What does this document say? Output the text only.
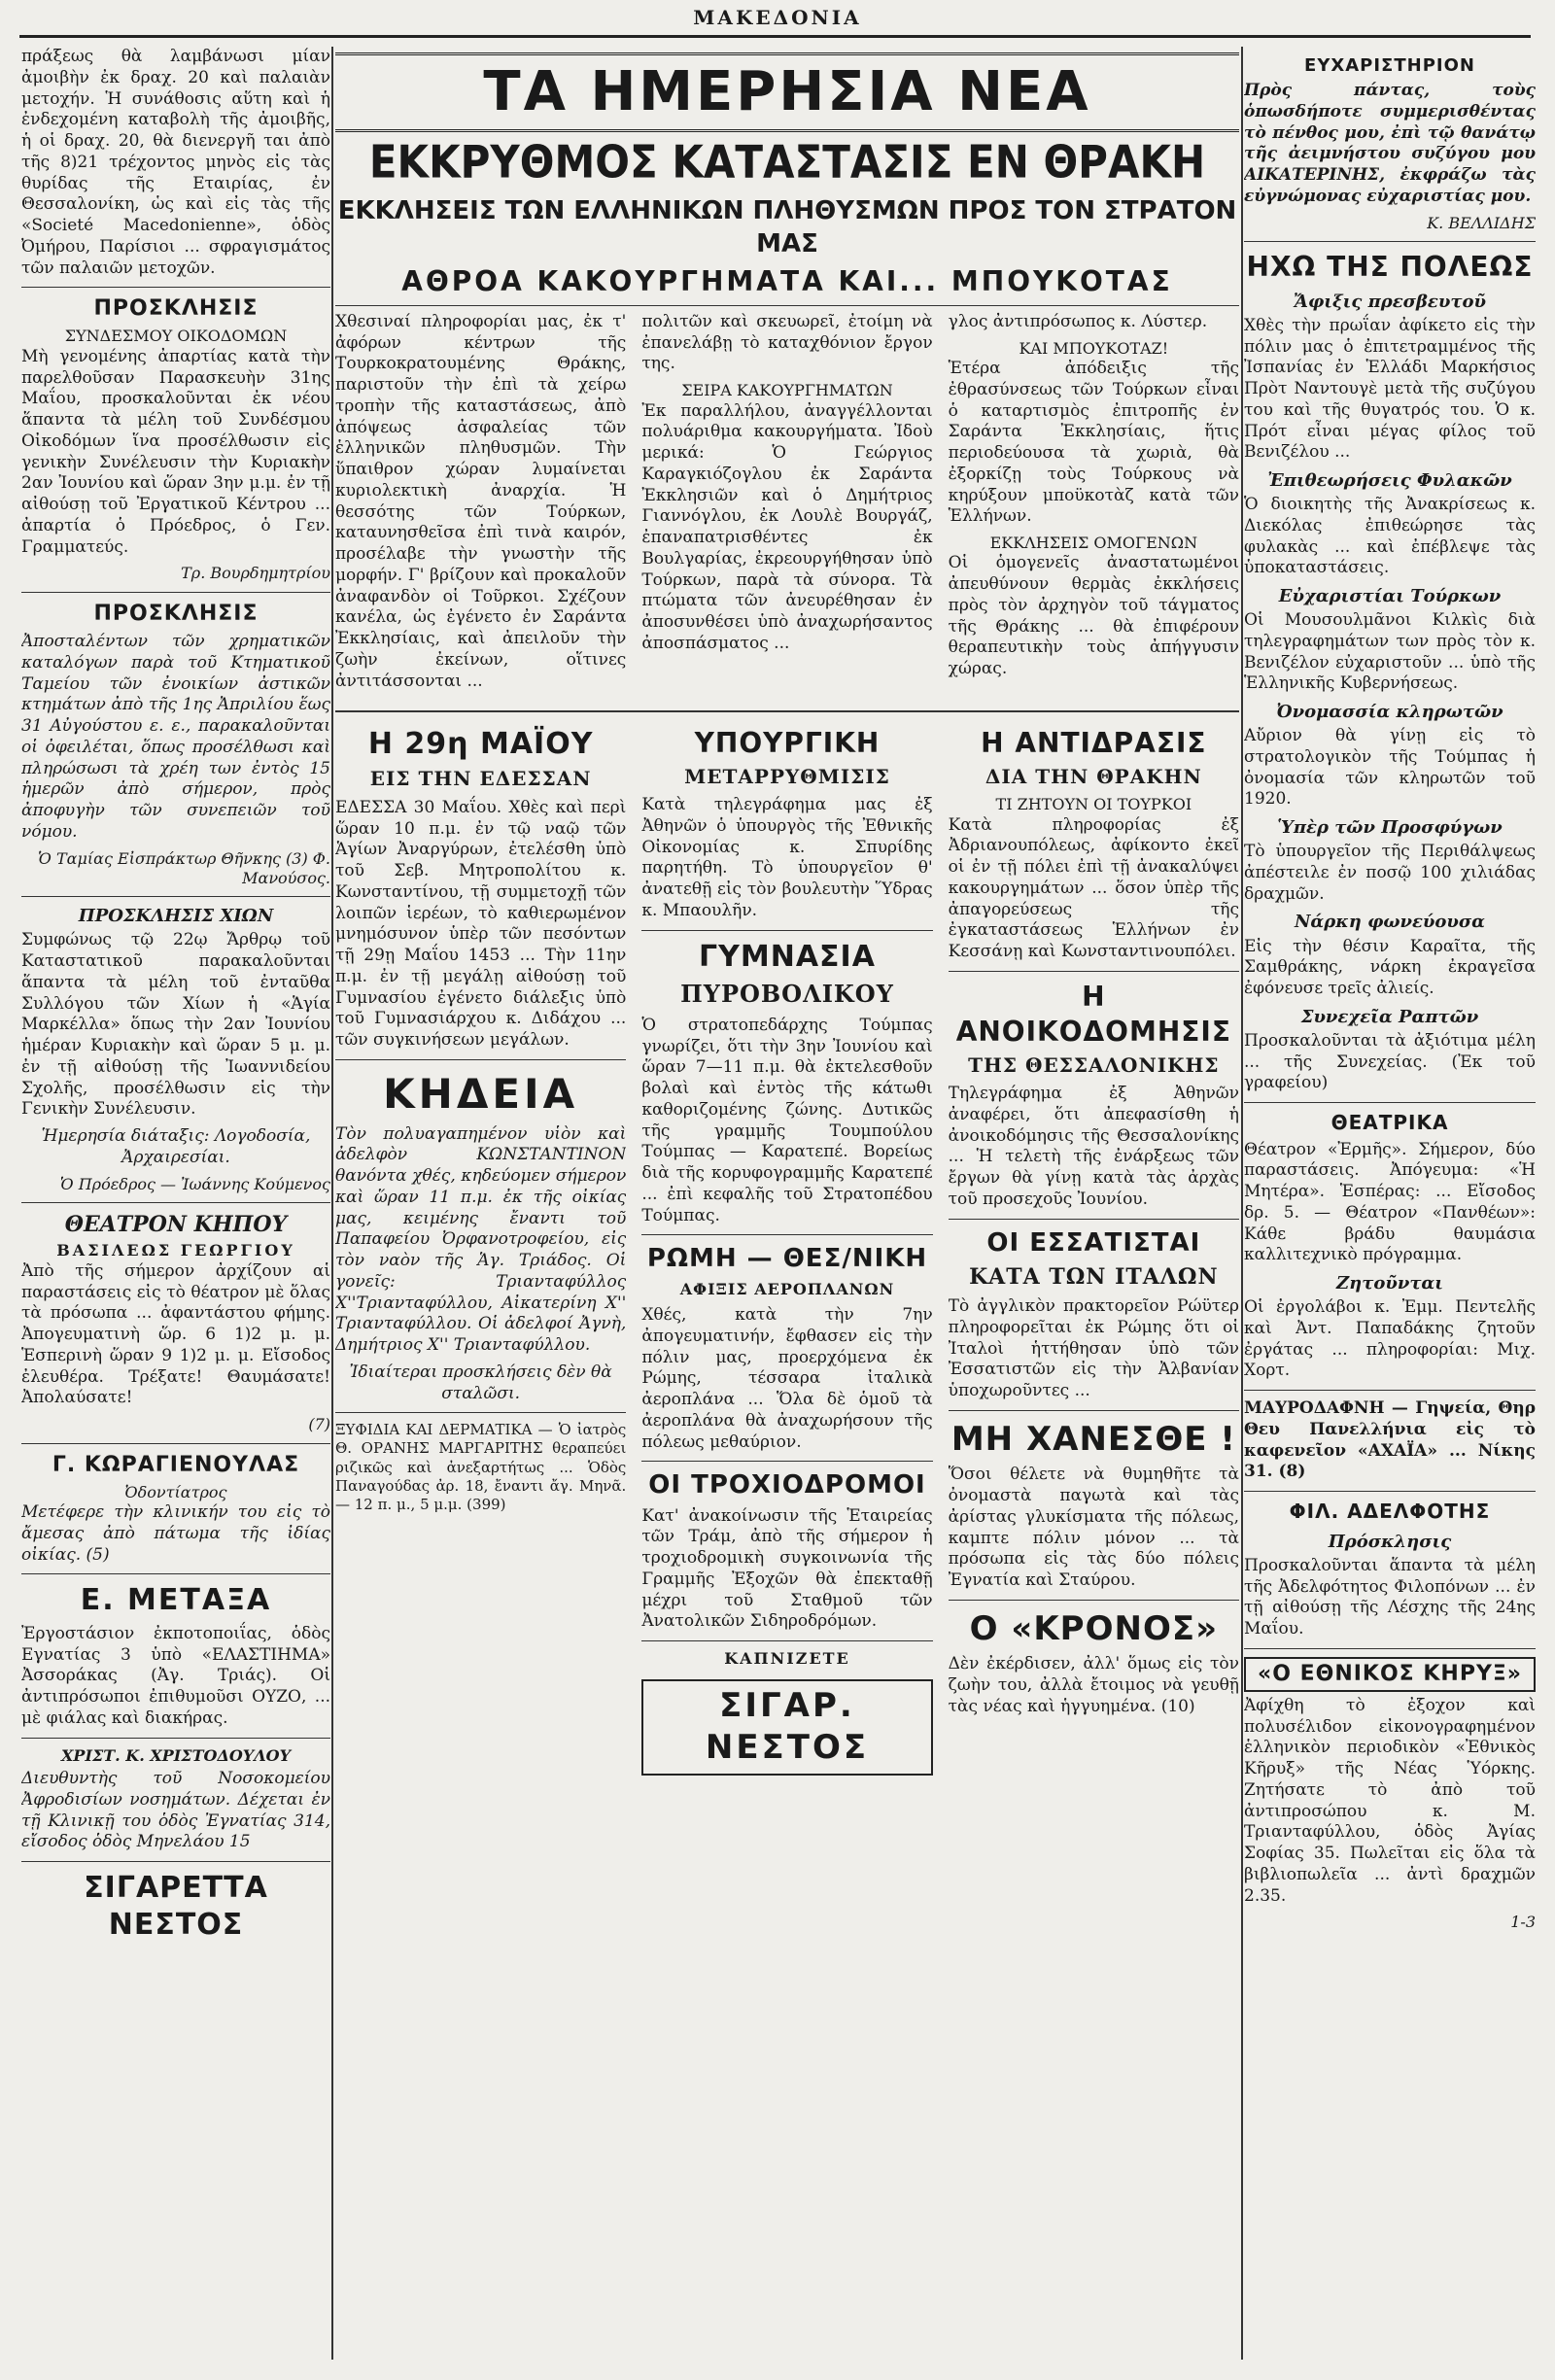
ΜΑΚΕΔΟΝΙΑ

πράξεως θὰ λαμβάνωσι μίαν ἀμοιβὴν ἐκ δραχ. 20 καὶ παλαιὰν μετοχήν. Ἡ συνάθοσις αὕτη καὶ ἡ ἐνδεχομένη καταβολὴ τῆς ἀμοιβῆς, ἡ οἱ δραχ. 20, θὰ διενεργῆ ται ἀπὸ τῆς 8)21 τρέχοντος μηνὸς εἰς τὰς θυρίδας τῆς Εταιρίας, ἐν Θεσσαλονίκη, ὡς καὶ εἰς τὰς τῆς «Societé Macedonienne», ὁδὸς Ὀμήρου, Παρίσιοι ... σφραγισμάτος τῶν παλαιῶν μετοχῶν.

ΠΡΟΣΚΛΗΣΙΣ
ΣΥΝΔΕΣΜΟΥ ΟΙΚΟΔΟΜΩΝ

Μὴ γενομένης ἀπαρτίας κατὰ τὴν παρελθοῦσαν Παρασκευὴν 31ης Μαΐου, προσκαλοῦνται ἐκ νέου ἅπαντα τὰ μέλη τοῦ Συνδέσμου Οἰκοδόμων ἵνα προσέλθωσιν εἰς γενικὴν Συνέλευσιν τὴν Κυριακὴν 2αν Ἰουνίου καὶ ὥραν 3ην μ.μ. ἐν τῇ αἰθούσῃ τοῦ Ἐργατικοῦ Κέντρου ... ἀπαρτία ὁ Πρόεδρος, ὁ Γεν. Γραμματεύς.

Τρ. Βουρδημητρίου
ΠΡΟΣΚΛΗΣΙΣ

Ἀποσταλέντων τῶν χρηματικῶν καταλόγων παρὰ τοῦ Κτηματικοῦ Ταμείου τῶν ἐνοικίων ἀστικῶν κτημάτων ἀπὸ τῆς 1ης Ἀπριλίου ἕως 31 Αὐγούστου ε. ε., παρακαλοῦνται οἱ ὀφειλέται, ὅπως προσέλθωσι καὶ πληρώσωσι τὰ χρέη των ἐντὸς 15 ἡμερῶν ἀπὸ σήμερον, πρὸς ἀποφυγὴν τῶν συνεπειῶν τοῦ νόμου.

Ὁ Ταμίας Εἰσπράκτωρ Θῆνκης (3) Φ. Μανούσος.
ΠΡΟΣΚΛΗΣΙΣ ΧΙΩΝ

Συμφώνως τῷ 22ῳ Ἄρθρῳ τοῦ Καταστατικοῦ παρακαλοῦνται ἅπαντα τὰ μέλη τοῦ ἐνταῦθα Συλλόγου τῶν Χίων ἡ «Ἁγία Μαρκέλλα» ὅπως τὴν 2αν Ἰουνίου ἡμέραν Κυριακὴν καὶ ὥραν 5 μ. μ. ἐν τῇ αἰθούσῃ τῆς Ἰωαννιδείου Σχολῆς, προσέλθωσιν εἰς τὴν Γενικὴν Συνέλευσιν.

Ἡμερησία διάταξις: Λογοδοσία, Ἀρχαιρεσίαι.

Ὁ Πρόεδρος — Ἰωάννης Κούμενος
ΘΕΑΤΡΟΝ ΚΗΠΟΥ
ΒΑΣΙΛΕΩΣ ΓΕΩΡΓΙΟΥ

Ἀπὸ τῆς σήμερον ἀρχίζουν αἱ παραστάσεις εἰς τὸ θέατρον μὲ ὅλας τὰ πρόσωπα ... ἀφαντάστου φήμης. Ἀπογευματινὴ ὥρ. 6 1)2 μ. μ. Ἑσπερινὴ ὥραν 9 1)2 μ. μ. Εἴσοδος ἐλευθέρα. Τρέξατε! Θαυμάσατε! Ἀπολαύσατε!

(7)
Γ. ΚΩΡΑΓΙΕΝΟΥΛΑΣ
Ὀδοντίατρος

Μετέφερε τὴν κλινικήν του εἰς τὸ ἄμεσας ἀπὸ πάτωμα τῆς ἰδίας οἰκίας. (5)

Ε. ΜΕΤΑΞΑ

Ἐργοστάσιον ἐκποτοποιΐας, ὁδὸς Εγνατίας 3 ὑπὸ «ΕΛΑΣΤΙΗΜΑ» Ἀσσοράκας (Ἀγ. Τριάς). Οἱ ἀντιπρόσωποι ἐπιθυμοῦσι ΟΥΖΟ, ... μὲ φιάλας καὶ διακήρας.

ΧΡΙΣΤ. Κ. ΧΡΙΣΤΟΔΟΥΛΟΥ

Διευθυντὴς τοῦ Νοσοκομείου Ἀφροδισίων νοσημάτων. Δέχεται ἐν τῇ Κλινικῇ του ὁδὸς Ἐγνατίας 314, εἴσοδος ὁδὸς Μηνελάου 15

ΣΙΓΑΡΕΤΤΑ ΝΕΣΤΟΣ
ΤΑ ΗΜΕΡΗΣΙΑ ΝΕΑ
ΕΚΚΡΥΘΜΟΣ ΚΑΤΑΣΤΑΣΙΣ ΕΝ ΘΡΑΚΗ
ΕΚΚΛΗΣΕΙΣ ΤΩΝ ΕΛΛΗΝΙΚΩΝ ΠΛΗΘΥΣΜΩΝ ΠΡΟΣ ΤΟΝ ΣΤΡΑΤΟΝ ΜΑΣ
ΑΘΡΟΑ ΚΑΚΟΥΡΓΗΜΑΤΑ ΚΑΙ... ΜΠΟΥΚΟΤΑΣ

Χθεσιναί πληροφορίαι μας, ἐκ τ' ἀφόρων κέντρων τῆς Τουρκοκρατουμένης Θράκης, παριστοῦν τὴν ἐπὶ τὰ χείρω τροπὴν τῆς καταστάσεως, ἀπὸ ἀπόψεως ἀσφαλείας τῶν ἑλληνικῶν πληθυσμῶν. Τὴν ὕπαιθρον χώραν λυμαίνεται κυριολεκτικὴ ἀναρχία. Ἡ θεσσότης τῶν Τούρκων, καταυνησθεῖσα ἐπὶ τινὰ καιρόν, προσέλαβε τὴν γνωστὴν τῆς μορφήν. Γ' βρίζουν καὶ προκαλοῦν ἀναφανδὸν οἱ Τοῦρκοι. Σχέζουν κανέλα, ὡς ἐγένετο ἐν Σαράντα Ἐκκλησίαις, καὶ ἀπειλοῦν τὴν ζωὴν ἐκείνων, οἵτινες ἀντιτάσσονται ...

πολιτῶν καὶ σκευωρεῖ, ἐτοίμη νὰ ἐπανελάβῃ τὸ καταχθόνιον ἔργον της.

ΣΕΙΡΑ ΚΑΚΟΥΡΓΗΜΑΤΩΝ

Ἐκ παραλλήλου, ἀναγγέλλονται πολυάριθμα κακουργήματα. Ἰδοὺ μερικά: Ὁ Γεώργιος Καραγκιόζογλου ἐκ Σαράντα Ἐκκλησιῶν καὶ ὁ Δημήτριος Γιαννόγλου, ἐκ Λουλὲ Βουργάζ, ἐπαναπατρισθέντες ἐκ Βουλγαρίας, ἐκρεουργήθησαν ὑπὸ Τούρκων, παρὰ τὰ σύνορα. Τὰ πτώματα τῶν ἀνευρέθησαν ἐν ἀποσυνθέσει ὑπὸ ἀναχωρήσαντος ἀποσπάσματος ...

γλος ἀντιπρόσωπος κ. Λύστερ.

ΚΑΙ ΜΠΟΥΚΟΤΑΖ!

Ἑτέρα ἀπόδειξις τῆς ἐθρασύνσεως τῶν Τούρκων εἶναι ὁ καταρτισμὸς ἐπιτροπῆς ἐν Σαράντα Ἐκκλησίαις, ἥτις περιοδεύουσα τὰ χωριὰ, θὰ ἐξορκίζῃ τοὺς Τούρκους νὰ κηρύξουν μποϋκοτὰζ κατὰ τῶν Ἑλλήνων.

ΕΚΚΛΗΣΕΙΣ ΟΜΟΓΕΝΩΝ

Οἱ ὁμογενεῖς ἀναστατωμένοι ἀπευθύνουν θερμὰς ἐκκλήσεις πρὸς τὸν ἀρχηγὸν τοῦ τάγματος τῆς Θράκης ... θὰ ἐπιφέρουν θεραπευτικὴν τοὺς ἀπήγγυσιν χώρας.

Η 29η ΜΑΪΟΥ
ΕΙΣ ΤΗΝ ΕΔΕΣΣΑΝ

ΕΔΕΣΣΑ 30 Μαΐου. Χθὲς καὶ περὶ ὥραν 10 π.μ. ἐν τῷ ναῷ τῶν Ἁγίων Ἀναργύρων, ἐτελέσθη ὑπὸ τοῦ Σεβ. Μητροπολίτου κ. Κωνσταντίνου, τῇ συμμετοχῇ τῶν λοιπῶν ἱερέων, τὸ καθιερωμένον μνημόσυνον ὑπὲρ τῶν πεσόντων τῇ 29ῃ Μαΐου 1453 ... Τὴν 11ην π.μ. ἐν τῇ μεγάλῃ αἰθούσῃ τοῦ Γυμνασίου ἐγένετο διάλεξις ὑπὸ τοῦ Γυμνασιάρχου κ. Διδάχου ... τῶν συγκινήσεων μεγάλων.

ΚΗΔΕΙΑ

Τὸν πολυαγαπημένον υἱὸν καὶ ἀδελφὸν ΚΩΝΣΤΑΝΤΙΝΟΝ θανόντα χθές, κηδεύομεν σήμερον καὶ ὥραν 11 π.μ. ἐκ τῆς οἰκίας μας, κειμένης ἔναντι τοῦ Παπαφείου Ὀρφανοτροφείου, εἰς τὸν ναὸν τῆς Ἁγ. Τριάδος. Οἱ γονεῖς: Τριανταφύλλος Χ''Τριανταφύλλου, Αἰκατερίνη Χ'' Τριανταφύλλου. Οἱ ἀδελφοί Ἀγνὴ, Δημήτριος Χ'' Τριανταφύλλου.

Ἰδιαίτεραι προσκλήσεις δὲν θὰ σταλῶσι.

ΞΥΦΙΔΙΑ ΚΑΙ ΔΕΡΜΑΤΙΚΑ — Ὁ ἰατρὸς Θ. ΟΡΑΝΗΣ ΜΑΡΓΑΡΙΤΗΣ θεραπεύει ριζικῶς καὶ ἀνεξαρτήτως ... Ὁδὸς Παναγούδας ἀρ. 18, ἔναντι ἄγ. Μηνᾶ. — 12 π. μ., 5 μ.μ. (399)

ΥΠΟΥΡΓΙΚΗ
ΜΕΤΑΡΡΥΘΜΙΣΙΣ

Κατὰ τηλεγράφημα μας ἐξ Ἀθηνῶν ὁ ὑπουργὸς τῆς Ἐθνικῆς Οἰκονομίας κ. Σπυρίδης παρητήθη. Τὸ ὑπουργεῖον θ' ἀνατεθῇ εἰς τὸν βουλευτὴν Ὕδρας κ. Μπαουλῆν.

ΓΥΜΝΑΣΙΑ
ΠΥΡΟΒΟΛΙΚΟΥ

Ὁ στρατοπεδάρχης Τούμπας γνωρίζει, ὅτι τὴν 3ην Ἰουνίου καὶ ὥραν 7—11 π.μ. θὰ ἐκτελεσθοῦν βολαὶ καὶ ἐντὸς τῆς κάτωθι καθοριζομένης ζώνης. Δυτικῶς τῆς γραμμῆς Τουμπούλου Τούμπας — Καρατεπέ. Βορείως διὰ τῆς κορυφογραμμῆς Καρατεπέ ... ἐπὶ κεφαλῆς τοῦ Στρατοπέδου Τούμπας.

ΡΩΜΗ — ΘΕΣ/ΝΙΚΗ
ΑΦΙΞΙΣ ΑΕΡΟΠΛΑΝΩΝ

Χθές, κατὰ τὴν 7ην ἀπογευματινήν, ἔφθασεν εἰς τὴν πόλιν μας, προερχόμενα ἐκ Ρώμης, τέσσαρα ἰταλικὰ ἀεροπλάνα ... Ὅλα δὲ ὁμοῦ τὰ ἀεροπλάνα θὰ ἀναχωρήσουν τῆς πόλεως μεθαύριον.

ΟΙ ΤΡΟΧΙΟΔΡΟΜΟΙ

Κατ' ἀνακοίνωσιν τῆς Ἑταιρείας τῶν Τράμ, ἀπὸ τῆς σήμερον ἡ τροχιοδρομικὴ συγκοινωνία τῆς Γραμμῆς Ἐξοχῶν θὰ ἐπεκταθῇ μέχρι τοῦ Σταθμοῦ τῶν Ἀνατολικῶν Σιδηροδρόμων.

ΚΑΠΝΙΖΕΤΕ
ΣΙΓΑΡ. ΝΕΣΤΟΣ
Η ΑΝΤΙΔΡΑΣΙΣ
ΔΙΑ ΤΗΝ ΘΡΑΚΗΝ
ΤΙ ΖΗΤΟΥΝ ΟΙ ΤΟΥΡΚΟΙ

Κατὰ πληροφορίας ἐξ Ἀδριανουπόλεως, ἀφίκοντο ἐκεῖ οἱ ἐν τῇ πόλει ἐπὶ τῇ ἀνακαλύψει κακουργημάτων ... ὅσον ὑπὲρ τῆς ἀπαγορεύσεως τῆς ἐγκαταστάσεως Ἑλλήνων ἐν Κεσσάνῃ καὶ Κωνσταντινουπόλει.

Η ΑΝΟΙΚΟΔΟΜΗΣΙΣ
ΤΗΣ ΘΕΣΣΑΛΟΝΙΚΗΣ

Τηλεγράφημα ἐξ Ἀθηνῶν ἀναφέρει, ὅτι ἀπεφασίσθη ἡ ἀνοικοδόμησις τῆς Θεσσαλονίκης ... Ἡ τελετὴ τῆς ἐνάρξεως τῶν ἔργων θὰ γίνῃ κατὰ τὰς ἀρχὰς τοῦ προσεχοῦς Ἰουνίου.

ΟΙ ΕΣΣΑΤΙΣΤΑΙ
ΚΑΤΑ ΤΩΝ ΙΤΑΛΩΝ

Τὸ ἀγγλικὸν πρακτορεῖον Ρώϋτερ πληροφορεῖται ἐκ Ρώμης ὅτι οἱ Ἰταλοὶ ἡττήθησαν ὑπὸ τῶν Ἐσσατιστῶν εἰς τὴν Ἀλβανίαν ὑποχωροῦντες ...

ΜΗ ΧΑΝΕΣΘΕ !

Ὅσοι θέλετε νὰ θυμηθῆτε τὰ ὀνομαστὰ παγωτὰ καὶ τὰς ἀρίστας γλυκίσματα τῆς πόλεως, καμπτε πόλιν μόνον ... τὰ πρόσωπα εἰς τὰς δύο πόλεις Ἐγνατία καὶ Σταύρου.

Ο «ΚΡΟΝΟΣ»

Δὲν ἐκέρδισεν, ἀλλ' ὅμως εἰς τὸν ζωὴν του, ἀλλὰ ἔτοιμος νὰ γευθῇ τὰς νέας καὶ ἡγγυημένα. (10)

ΕΥΧΑΡΙΣΤΗΡΙΟΝ

Πρὸς πάντας, τοὺς ὁπωσδήποτε συμμερισθέντας τὸ πένθος μου, ἐπὶ τῷ θανάτῳ τῆς ἀειμνήστου συζύγου μου ΑΙΚΑΤΕΡΙΝΗΣ, ἐκφράζω τὰς εὐγνώμονας εὐχαριστίας μου.

Κ. ΒΕΛΛΙΔΗΣ
ΗΧΩ ΤΗΣ ΠΟΛΕΩΣ
Ἄφιξις πρεσβευτοῦ

Χθὲς τὴν πρωΐαν ἀφίκετο εἰς τὴν πόλιν μας ὁ ἐπιτετραμμένος τῆς Ἰσπανίας ἐν Ἑλλάδι Μαρκήσιος Πρὸτ Ναντουγὲ μετὰ τῆς συζύγου του καὶ τῆς θυγατρός του. Ὁ κ. Πρότ εἶναι μέγας φίλος τοῦ Βενιζέλου ...

Ἐπιθεωρήσεις Φυλακῶν

Ὁ διοικητὴς τῆς Ἀνακρίσεως κ. Διεκόλας ἐπιθεώρησε τὰς φυλακὰς ... καὶ ἐπέβλεψε τὰς ὑποκαταστάσεις.

Εὐχαριστίαι Τούρκων

Οἱ Μουσουλμᾶνοι Κιλκὶς διὰ τηλεγραφημάτων των πρὸς τὸν κ. Βενιζέλον εὐχαριστοῦν ... ὑπὸ τῆς Ἑλληνικῆς Κυβερνήσεως.

Ὀνομασσία κληρωτῶν

Αὔριον θὰ γίνῃ εἰς τὸ στρατολογικὸν τῆς Τούμπας ἡ ὀνομασία τῶν κληρωτῶν τοῦ 1920.

Ὑπὲρ τῶν Προσφύγων

Τὸ ὑπουργεῖον τῆς Περιθάλψεως ἀπέστειλε ἐν ποσῷ 100 χιλιάδας δραχμῶν.

Νάρκη φωνεύουσα

Εἰς τὴν θέσιν Καραῖτα, τῆς Σαμθράκης, νάρκη ἐκραγεῖσα ἐφόνευσε τρεῖς ἀλιείς.

Συνεχεῖα Ραπτῶν

Προσκαλοῦνται τὰ ἀξιότιμα μέλη ... τῆς Συνεχείας. (Ἐκ τοῦ γραφείου)

ΘΕΑΤΡΙΚΑ

Θέατρον «Ἐρμῆς». Σήμερον, δύο παραστάσεις. Ἀπόγευμα: «Ἡ Μητέρα». Ἑσπέρας: ... Εἴσοδος δρ. 5. — Θέατρον «Πανθέων»: Κάθε βράδυ θαυμάσια καλλιτεχνικὸ πρόγραμμα.

Ζητοῦνται

Οἱ ἐργολάβοι κ. Ἐμμ. Πεντελῆς καὶ Ἀντ. Παπαδάκης ζητοῦν ἐργάτας ... πληροφορίαι: Μιχ. Χορτ.

ΜΑΥΡΟΔΑΦΝΗ — Γηψεία, Θηρ Θευ Πανελλήνια εἰς τὸ καφενεῖον «ΑΧΑΪΑ» ... Νίκης 31. (8)

ΦΙΛ. ΑΔΕΛΦΟΤΗΣ
Πρόσκλησις

Προσκαλοῦνται ἅπαντα τὰ μέλη τῆς Ἀδελφότητος Φιλοπόνων ... ἐν τῇ αἰθούσῃ τῆς Λέσχης τῆς 24ης Μαΐου.

«Ο ΕΘΝΙΚΟΣ ΚΗΡΥΞ»

Ἀφίχθη τὸ ἐξοχον καὶ πολυσέλιδον εἰκονογραφημένον ἑλληνικὸν περιοδικὸν «Ἐθνικὸς Κῆρυξ» τῆς Νέας Ὑόρκης. Ζητήσατε τὸ ἀπὸ τοῦ ἀντιπροσώπου κ. Μ. Τριανταφύλλου, ὁδὸς Ἀγίας Σοφίας 35. Πωλεῖται εἰς ὅλα τὰ βιβλιοπωλεῖα ... ἀντὶ δραχμῶν 2.35.

1-3
